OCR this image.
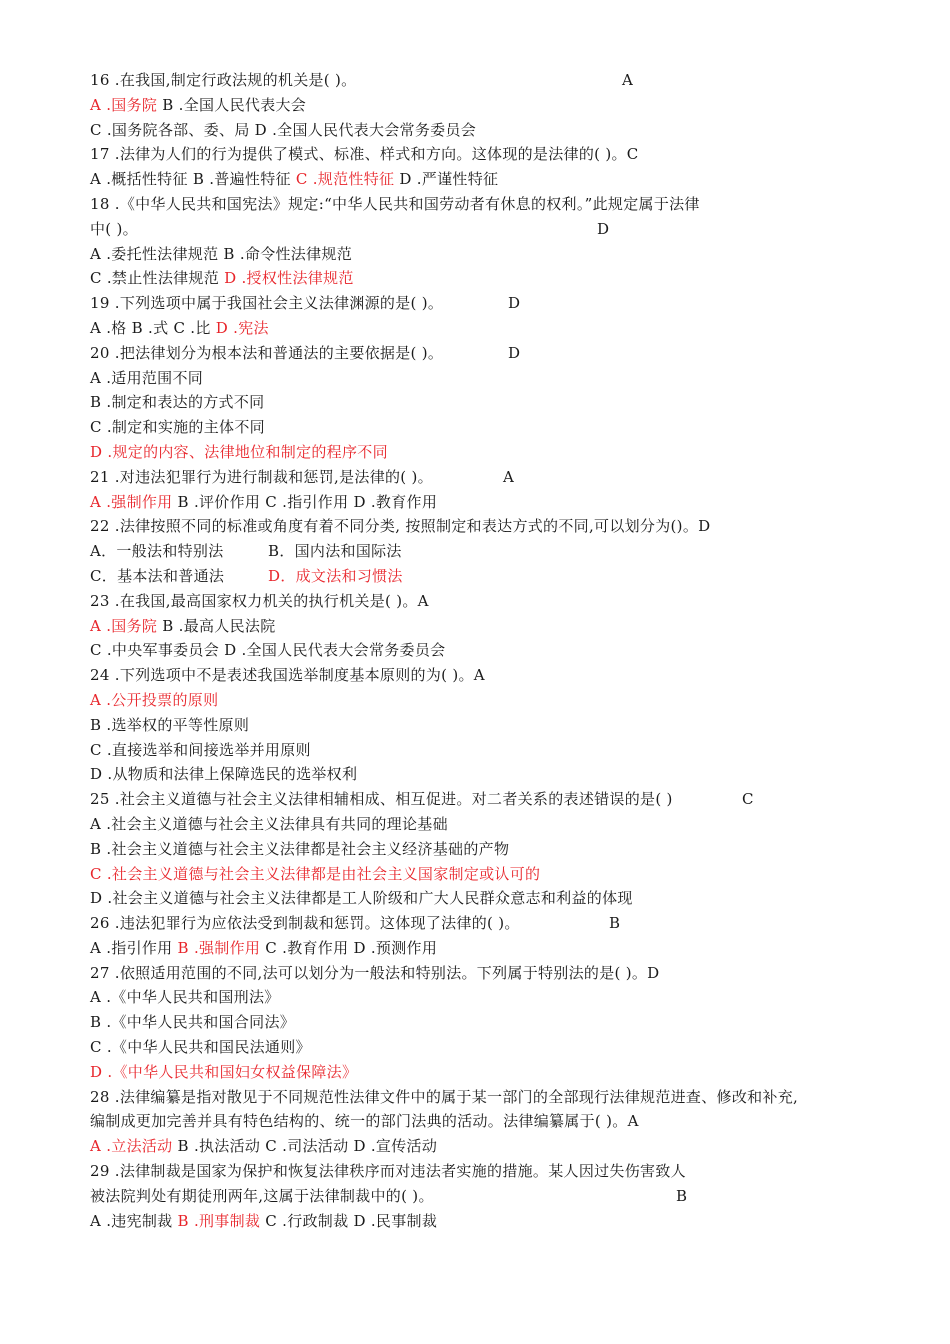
16 .在我国,制定行政法规的机关是( )。	A
A .国务院 B .全国人民代表大会
C .国务院各部、委、局 D .全国人民代表大会常务委员会
17 .法律为人们的行为提供了模式、标准、样式和方向。这体现的是法律的( )。C
A .概括性特征 B .普遍性特征 C .规范性特征 D .严谨性特征
18 .《中华人民共和国宪法》规定:“中华人民共和国劳动者有休息的权利。”此规定属于法律
中( )。	D
A .委托性法律规范 B .命令性法律规范
C .禁止性法律规范 D .授权性法律规范
19 .下列选项中属于我国社会主义法律渊源的是( )。	D
A .格 B .式 C .比 D .宪法
20 .把法律划分为根本法和普通法的主要依据是( )。	D
A .适用范围不同
B .制定和表达的方式不同
C .制定和实施的主体不同
D .规定的内容、法律地位和制定的程序不同
21 .对违法犯罪行为进行制裁和惩罚,是法律的( )。	A
A .强制作用 B .评价作用 C .指引作用 D .教育作用
22 .法律按照不同的标准或角度有着不同分类, 按照制定和表达方式的不同,可以划分为()。D
A．一般法和特别法	B．国内法和国际法
C．基本法和普通法	D．成文法和习惯法
23 .在我国,最高国家权力机关的执行机关是( )。A
A .国务院 B .最高人民法院
C .中央军事委员会 D .全国人民代表大会常务委员会
24 .下列选项中不是表述我国选举制度基本原则的为( )。A
A .公开投票的原则
B .选举权的平等性原则
C .直接选举和间接选举并用原则
D .从物质和法律上保障选民的选举权利
25 .社会主义道德与社会主义法律相辅相成、相互促进。对二者关系的表述错误的是( )	C
A .社会主义道德与社会主义法律具有共同的理论基础
B .社会主义道德与社会主义法律都是社会主义经济基础的产物
C .社会主义道德与社会主义法律都是由社会主义国家制定或认可的
D .社会主义道德与社会主义法律都是工人阶级和广大人民群众意志和利益的体现
26 .违法犯罪行为应依法受到制裁和惩罚。这体现了法律的( )。	B
A .指引作用 B .强制作用 C .教育作用 D .预测作用
27 .依照适用范围的不同,法可以划分为一般法和特别法。下列属于特别法的是( )。D
A .《中华人民共和国刑法》
B .《中华人民共和国合同法》
C .《中华人民共和国民法通则》
D .《中华人民共和国妇女权益保障法》
28 .法律编纂是指对散见于不同规范性法律文件中的属于某一部门的全部现行法律规范进查、修改和补充,
编制成更加完善并具有特色结构的、统一的部门法典的活动。法律编纂属于( )。A
A .立法活动 B .执法活动 C .司法活动 D .宣传活动
29 .法律制裁是国家为保护和恢复法律秩序而对违法者实施的措施。某人因过失伤害致人
被法院判处有期徒刑两年,这属于法律制裁中的( )。	B
A .违宪制裁 B .刑事制裁 C .行政制裁 D .民事制裁
